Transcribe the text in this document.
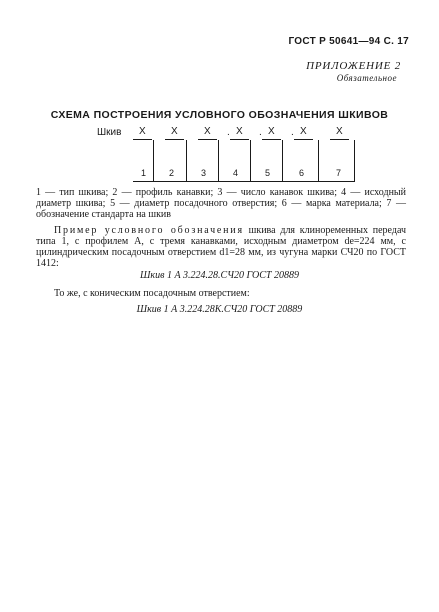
ГОСТ Р 50641—94 С. 17
ПРИЛОЖЕНИЕ 2
Обязательное
СХЕМА ПОСТРОЕНИЯ УСЛОВНОГО ОБОЗНАЧЕНИЯ ШКИВОВ
Шкив X	X	X . X . X . X	X
1	2	3	4	5	6	7
1 — тип шкива; 2 — профиль канавки; 3 — число канавок шкива; 4 — исходный диаметр шкива; 5 — диаметр посадочного отверстия; 6 — марка материала; 7 — обозначение стандарта на шкив
Пример условного обозначения шкива для клиноременных передач типа 1, с профилем А, с тремя канавками, исходным диаметром de=224 мм, с цилиндрическим посадочным отверстием d1=28 мм, из чугуна марки СЧ20 по ГОСТ 1412:
Шкив 1 А 3.224.28.СЧ20 ГОСТ 20889
То же, с коническим посадочным отверстием:
Шкив 1 А 3.224.28К.СЧ20 ГОСТ 20889
